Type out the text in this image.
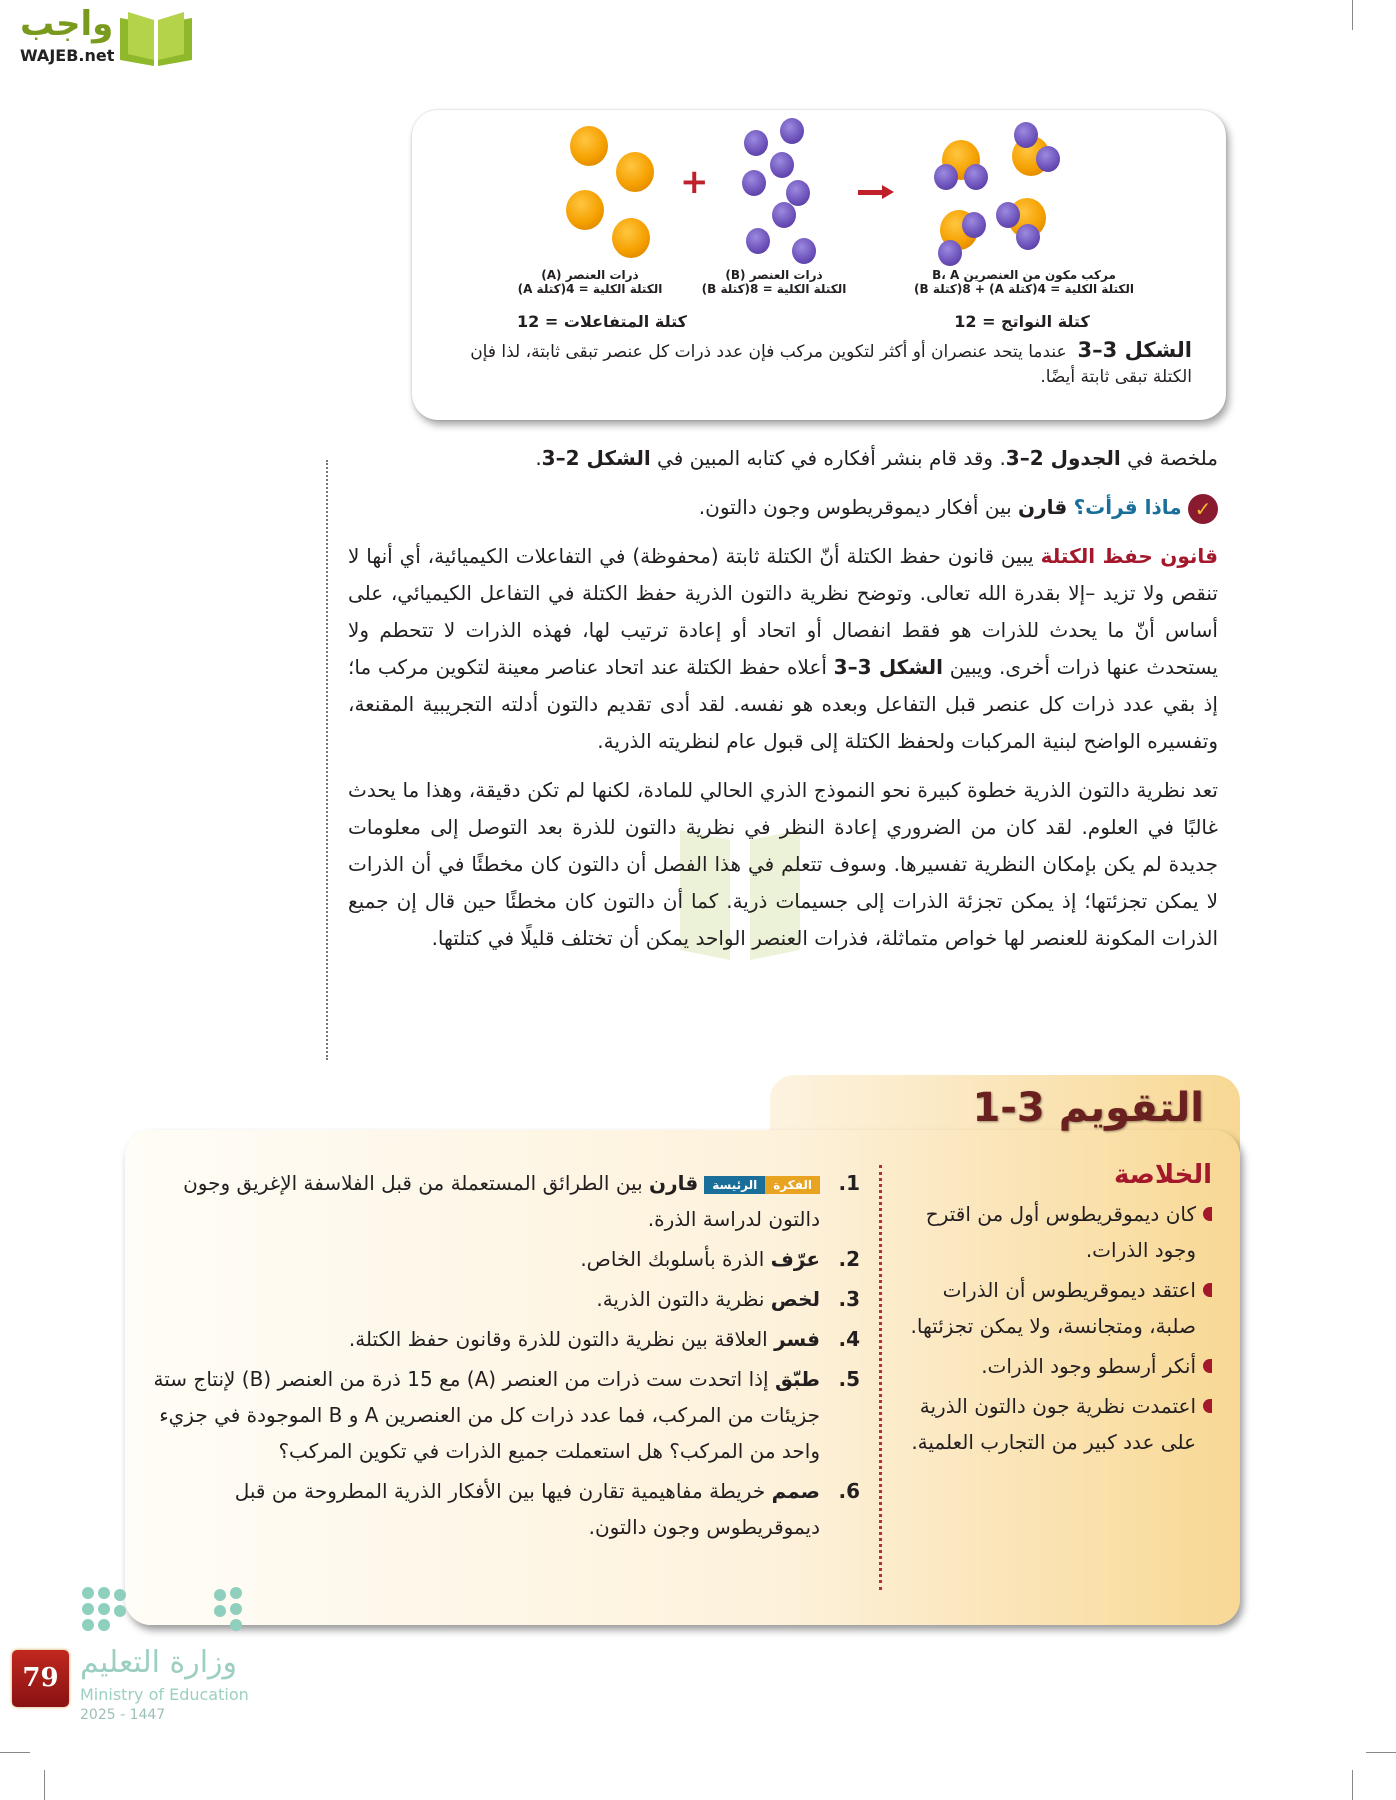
واجب
WAJEB.net
+
ذرات العنصر (A)
الكتلة الكلية = 4(كتلة A)
ذرات العنصر (B)
الكتلة الكلية = 8(كتلة B)
مركب مكون من العنصرين B، A
الكتلة الكلية = 4(كتلة A) + 8(كتلة B)
كتلة المتفاعلات = 12	كتلة النواتج = 12
الشكل 3–3  عندما يتحد عنصران أو أكثر لتكوين مركب فإن عدد ذرات كل عنصر تبقى ثابتة، لذا فإن الكتلة تبقى ثابتة أيضًا.
ملخصة في الجدول 2–3. وقد قام بنشر أفكاره في كتابه المبين في الشكل 2–3.
✓ ماذا قرأت؟ قارن بين أفكار ديموقريطوس وجون دالتون.
قانون حفظ الكتلة يبين قانون حفظ الكتلة أنّ الكتلة ثابتة (محفوظة) في التفاعلات الكيميائية، أي أنها لا تنقص ولا تزيد –إلا بقدرة الله تعالى. وتوضح نظرية دالتون الذرية حفظ الكتلة في التفاعل الكيميائي، على أساس أنّ ما يحدث للذرات هو فقط انفصال أو اتحاد أو إعادة ترتيب لها، فهذه الذرات لا تتحطم ولا يستحدث عنها ذرات أخرى. ويبين الشكل 3–3 أعلاه حفظ الكتلة عند اتحاد عناصر معينة لتكوين مركب ما؛ إذ بقي عدد ذرات كل عنصر قبل التفاعل وبعده هو نفسه. لقد أدى تقديم دالتون أدلته التجريبية المقنعة، وتفسيره الواضح لبنية المركبات ولحفظ الكتلة إلى قبول عام لنظريته الذرية.
تعد نظرية دالتون الذرية خطوة كبيرة نحو النموذج الذري الحالي للمادة، لكنها لم تكن دقيقة، وهذا ما يحدث غالبًا في العلوم. لقد كان من الضروري إعادة النظر في نظرية دالتون للذرة بعد التوصل إلى معلومات جديدة لم يكن بإمكان النظرية تفسيرها. وسوف تتعلم في هذا الفصل أن دالتون كان مخطئًا في أن الذرات لا يمكن تجزئتها؛ إذ يمكن تجزئة الذرات إلى جسيمات ذرية. كما أن دالتون كان مخطئًا حين قال إن جميع الذرات المكونة للعنصر لها خواص متماثلة، فذرات العنصر الواحد يمكن أن تختلف قليلًا في كتلتها.
التقويم 3-1
الخلاصة
كان ديموقريطوس أول من اقترح وجود الذرات.
اعتقد ديموقريطوس أن الذرات صلبة، ومتجانسة، ولا يمكن تجزئتها.
أنكر أرسطو وجود الذرات.
اعتمدت نظرية جون دالتون الذرية على عدد كبير من التجارب العلمية.
1.
الفكرةالرئيسةقارن بين الطرائق المستعملة من قبل الفلاسفة الإغريق وجون دالتون لدراسة الذرة.
2.
عرّف الذرة بأسلوبك الخاص.
3.
لخص نظرية دالتون الذرية.
4.
فسر العلاقة بين نظرية دالتون للذرة وقانون حفظ الكتلة.
5.
طبّق إذا اتحدت ست ذرات من العنصر (A) مع 15 ذرة من العنصر (B) لإنتاج ستة جزيئات من المركب، فما عدد ذرات كل من العنصرين A و B الموجودة في جزيء واحد من المركب؟ هل استعملت جميع الذرات في تكوين المركب؟
6.
صمم خريطة مفاهيمية تقارن فيها بين الأفكار الذرية المطروحة من قبل ديموقريطوس وجون دالتون.
وزارة التعليم
Ministry of Education
2025 - 1447
79
